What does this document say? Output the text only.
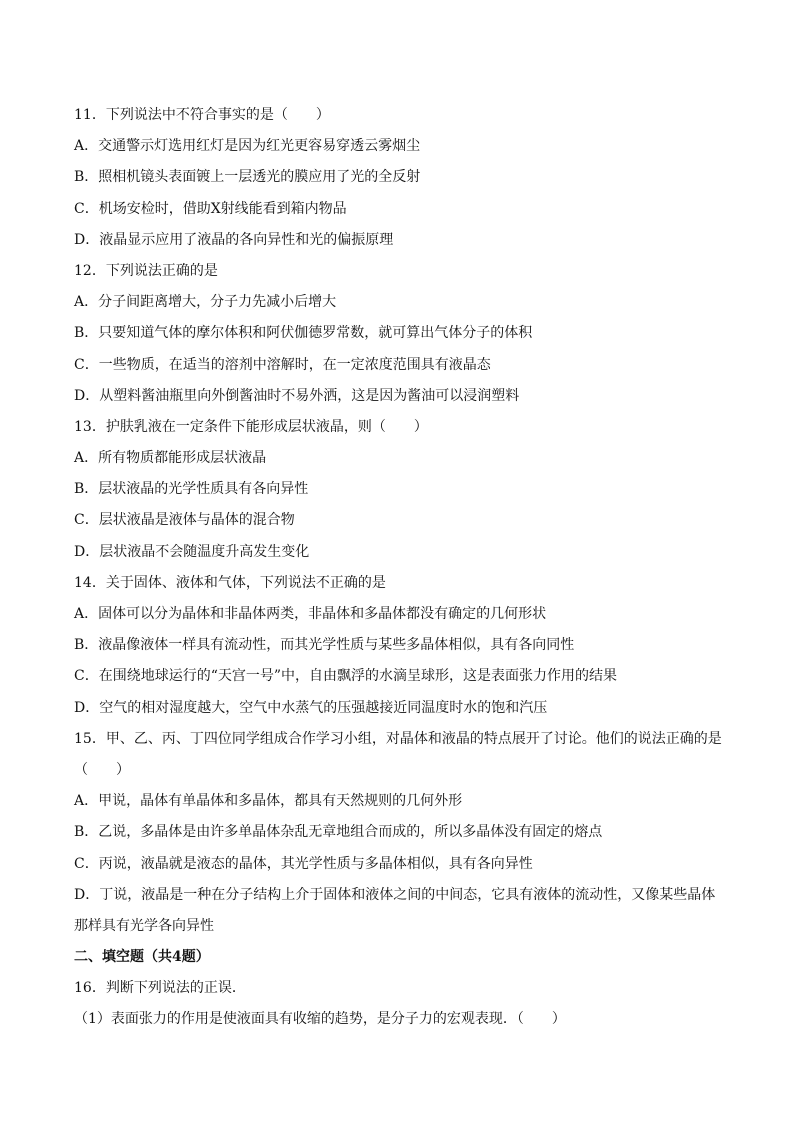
11．下列说法中不符合事实的是（　　）
A．交通警示灯选用红灯是因为红光更容易穿透云雾烟尘
B．照相机镜头表面镀上一层透光的膜应用了光的全反射
C．机场安检时，借助X射线能看到箱内物品
D．液晶显示应用了液晶的各向异性和光的偏振原理
12．下列说法正确的是
A．分子间距离增大，分子力先减小后增大
B．只要知道气体的摩尔体积和阿伏伽德罗常数，就可算出气体分子的体积
C．一些物质，在适当的溶剂中溶解时，在一定浓度范围具有液晶态
D．从塑料酱油瓶里向外倒酱油时不易外洒，这是因为酱油可以浸润塑料
13．护肤乳液在一定条件下能形成层状液晶，则（　　）
A．所有物质都能形成层状液晶
B．层状液晶的光学性质具有各向异性
C．层状液晶是液体与晶体的混合物
D．层状液晶不会随温度升高发生变化
14．关于固体、液体和气体，下列说法不正确的是
A．固体可以分为晶体和非晶体两类，非晶体和多晶体都没有确定的几何形状
B．液晶像液体一样具有流动性，而其光学性质与某些多晶体相似，具有各向同性
C．在围绕地球运行的“天宫一号”中，自由飘浮的水滴呈球形，这是表面张力作用的结果
D．空气的相对湿度越大，空气中水蒸气的压强越接近同温度时水的饱和汽压
15．甲、乙、丙、丁四位同学组成合作学习小组，对晶体和液晶的特点展开了讨论。他们的说法正确的是
（　　）
A．甲说，晶体有单晶体和多晶体，都具有天然规则的几何外形
B．乙说，多晶体是由许多单晶体杂乱无章地组合而成的，所以多晶体没有固定的熔点
C．丙说，液晶就是液态的晶体，其光学性质与多晶体相似，具有各向异性
D．丁说，液晶是一种在分子结构上介于固体和液体之间的中间态，它具有液体的流动性，又像某些晶体
那样具有光学各向异性
二、填空题（共4题）
16．判断下列说法的正误．
（1）表面张力的作用是使液面具有收缩的趋势，是分子力的宏观表现．（　　）
